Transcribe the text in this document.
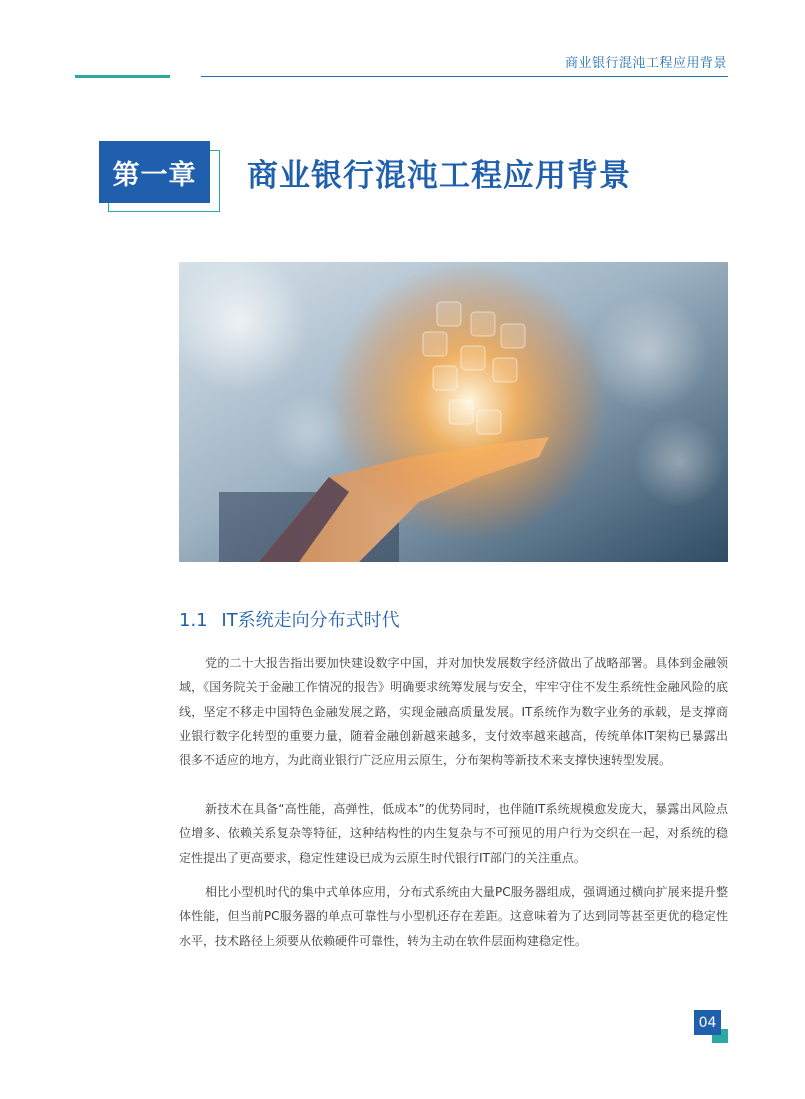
商业银行混沌工程应用背景
第一章	商业银行混沌工程应用背景
1.1 IT系统走向分布式时代

党的二十大报告指出要加快建设数字中国，并对加快发展数字经济做出了战略部署。具体到金融领域，《国务院关于金融工作情况的报告》明确要求统筹发展与安全，牢牢守住不发生系统性金融风险的底线，坚定不移走中国特色金融发展之路，实现金融高质量发展。IT系统作为数字业务的承载，是支撑商业银行数字化转型的重要力量，随着金融创新越来越多，支付效率越来越高，传统单体IT架构已暴露出很多不适应的地方，为此商业银行广泛应用云原生，分布架构等新技术来支撑快速转型发展。

新技术在具备“高性能，高弹性，低成本”的优势同时，也伴随IT系统规模愈发庞大，暴露出风险点位增多、依赖关系复杂等特征，这种结构性的内生复杂与不可预见的用户行为交织在一起，对系统的稳定性提出了更高要求，稳定性建设已成为云原生时代银行IT部门的关注重点。

相比小型机时代的集中式单体应用，分布式系统由大量PC服务器组成，强调通过横向扩展来提升整体性能，但当前PC服务器的单点可靠性与小型机还存在差距。这意味着为了达到同等甚至更优的稳定性水平，技术路径上须要从依赖硬件可靠性，转为主动在软件层面构建稳定性。

04
